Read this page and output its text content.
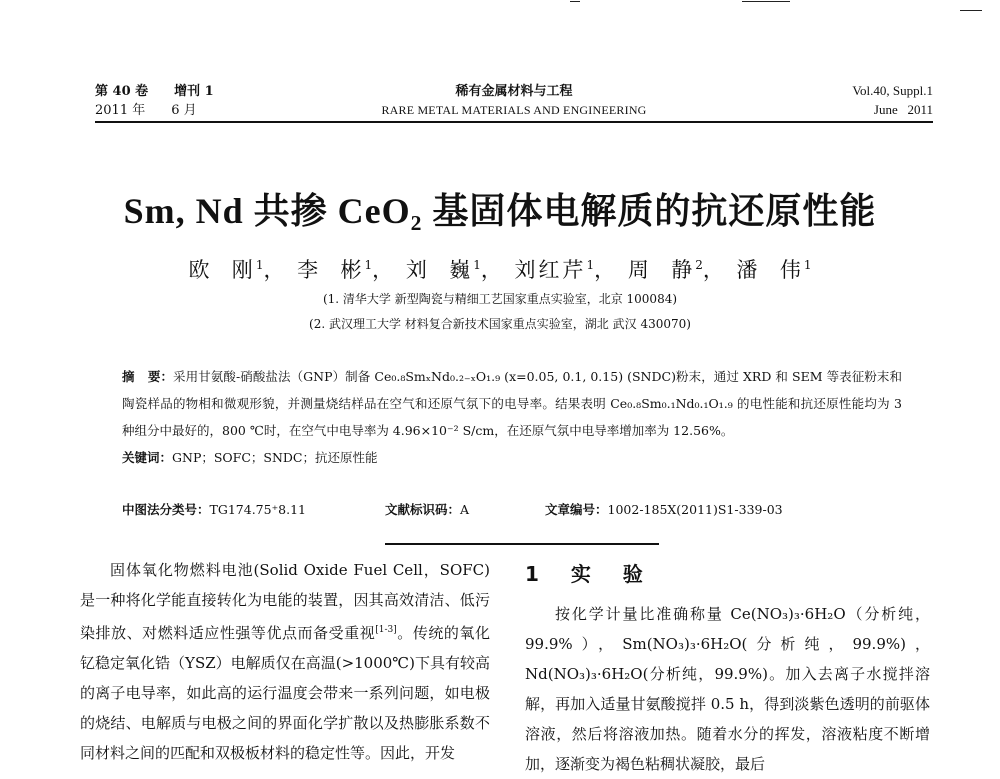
第 40 卷 增刊 1	稀有金属材料与工程	Vol.40, Suppl.1
2011 年 6 月	RARE METAL MATERIALS AND ENGINEERING	June   2011
Sm, Nd 共掺 CeO₂ 基固体电解质的抗还原性能
欧  刚$^1$， 李  彬$^1$， 刘  巍$^1$， 刘红芹$^1$， 周  静$^2$， 潘  伟$^1$
(1. 清华大学 新型陶瓷与精细工艺国家重点实验室，北京 100084)
(2. 武汉理工大学 材料复合新技术国家重点实验室，湖北 武汉 430070)

摘   要：采用甘氨酸-硝酸盐法（GNP）制备 Ce₀.₈SmₓNd₀.₂₋ₓO₁.₉ (x=0.05, 0.1, 0.15) (SNDC)粉末，通过 XRD 和 SEM 等表征粉末和陶瓷样品的物相和微观形貌，并测量烧结样品在空气和还原气氛下的电导率。结果表明 Ce₀.₈Sm₀.₁Nd₀.₁O₁.₉ 的电性能和抗还原性能均为 3 种组分中最好的，800 ℃时，在空气中电导率为 4.96×10⁻² S/cm，在还原气氛中电导率增加率为 12.56%。

关键词：GNP；SOFC；SNDC；抗还原性能

中图法分类号：TG174.75⁺8.11	文献标识码：A	文章编号：1002-185X(2011)S1-339-03

固体氧化物燃料电池(Solid Oxide Fuel Cell，SOFC)是一种将化学能直接转化为电能的装置，因其高效清洁、低污染排放、对燃料适应性强等优点而备受重视[1-3]。传统的氧化钇稳定氧化锆（YSZ）电解质仅在高温(>1000℃)下具有较高的离子电导率，如此高的运行温度会带来一系列问题，如电极的烧结、电解质与电极之间的界面化学扩散以及热膨胀系数不同材料之间的匹配和双极板材料的稳定性等。因此，开发

1  实  验

按化学计量比准确称量 Ce(NO₃)₃·6H₂O（分析纯，99.9%），Sm(NO₃)₃·6H₂O(分析纯，99.9%)，Nd(NO₃)₃·6H₂O(分析纯，99.9%)。加入去离子水搅拌溶解，再加入适量甘氨酸搅拌 0.5 h，得到淡紫色透明的前驱体溶液，然后将溶液加热。随着水分的挥发，溶液粘度不断增加，逐渐变为褐色粘稠状凝胶，最后
